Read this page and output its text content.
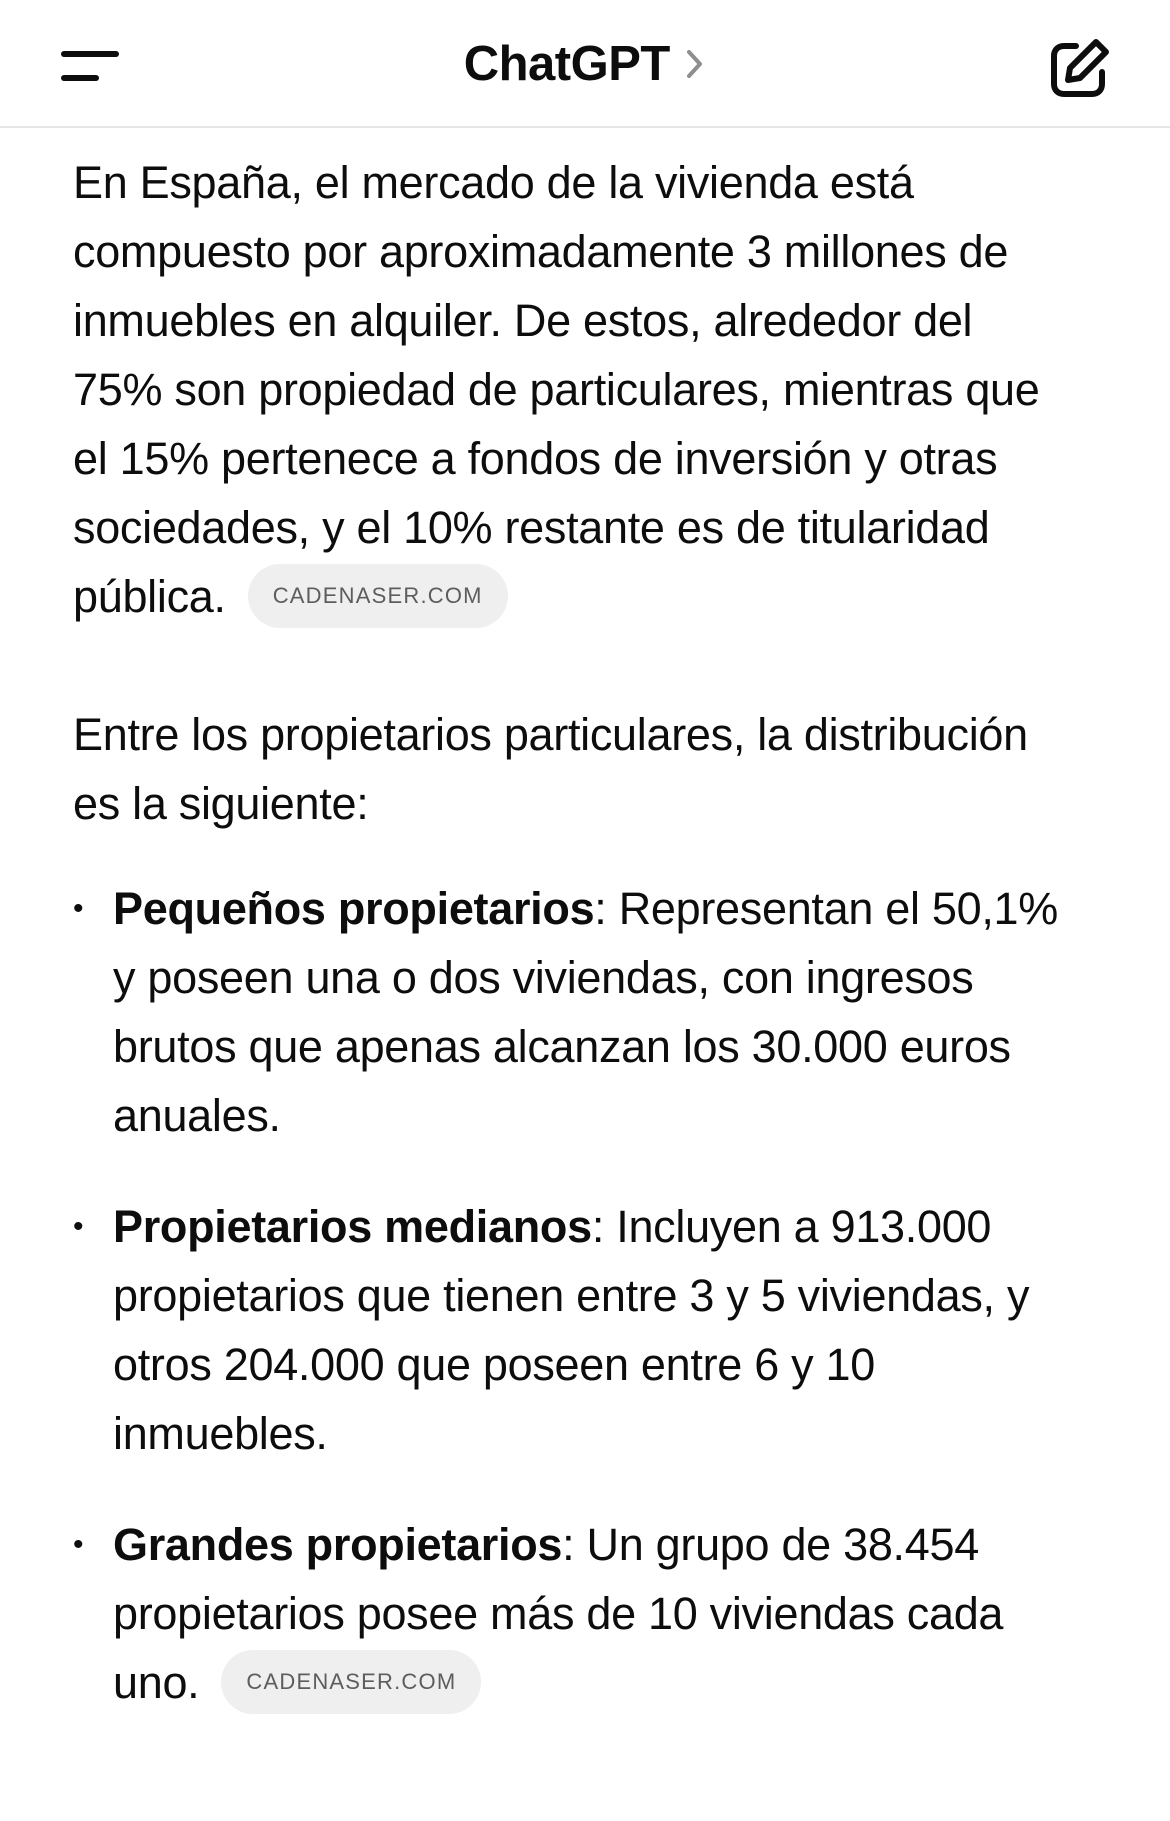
ChatGPT

En España, el mercado de la vivienda está compuesto por aproximadamente 3 millones de inmuebles en alquiler. De estos, alrededor del 75% son propiedad de particulares, mientras que el 15% pertenece a fondos de inversión y otras sociedades, y el 10% restante es de titularidad pública. CADENASER.COM

Entre los propietarios particulares, la distribución es la siguiente:

• Pequeños propietarios: Representan el 50,1% y poseen una o dos viviendas, con ingresos brutos que apenas alcanzan los 30.000 euros anuales.
• Propietarios medianos: Incluyen a 913.000 propietarios que tienen entre 3 y 5 viviendas, y otros 204.000 que poseen entre 6 y 10 inmuebles.
• Grandes propietarios: Un grupo de 38.454 propietarios posee más de 10 viviendas cada uno. CADENASER.COM
